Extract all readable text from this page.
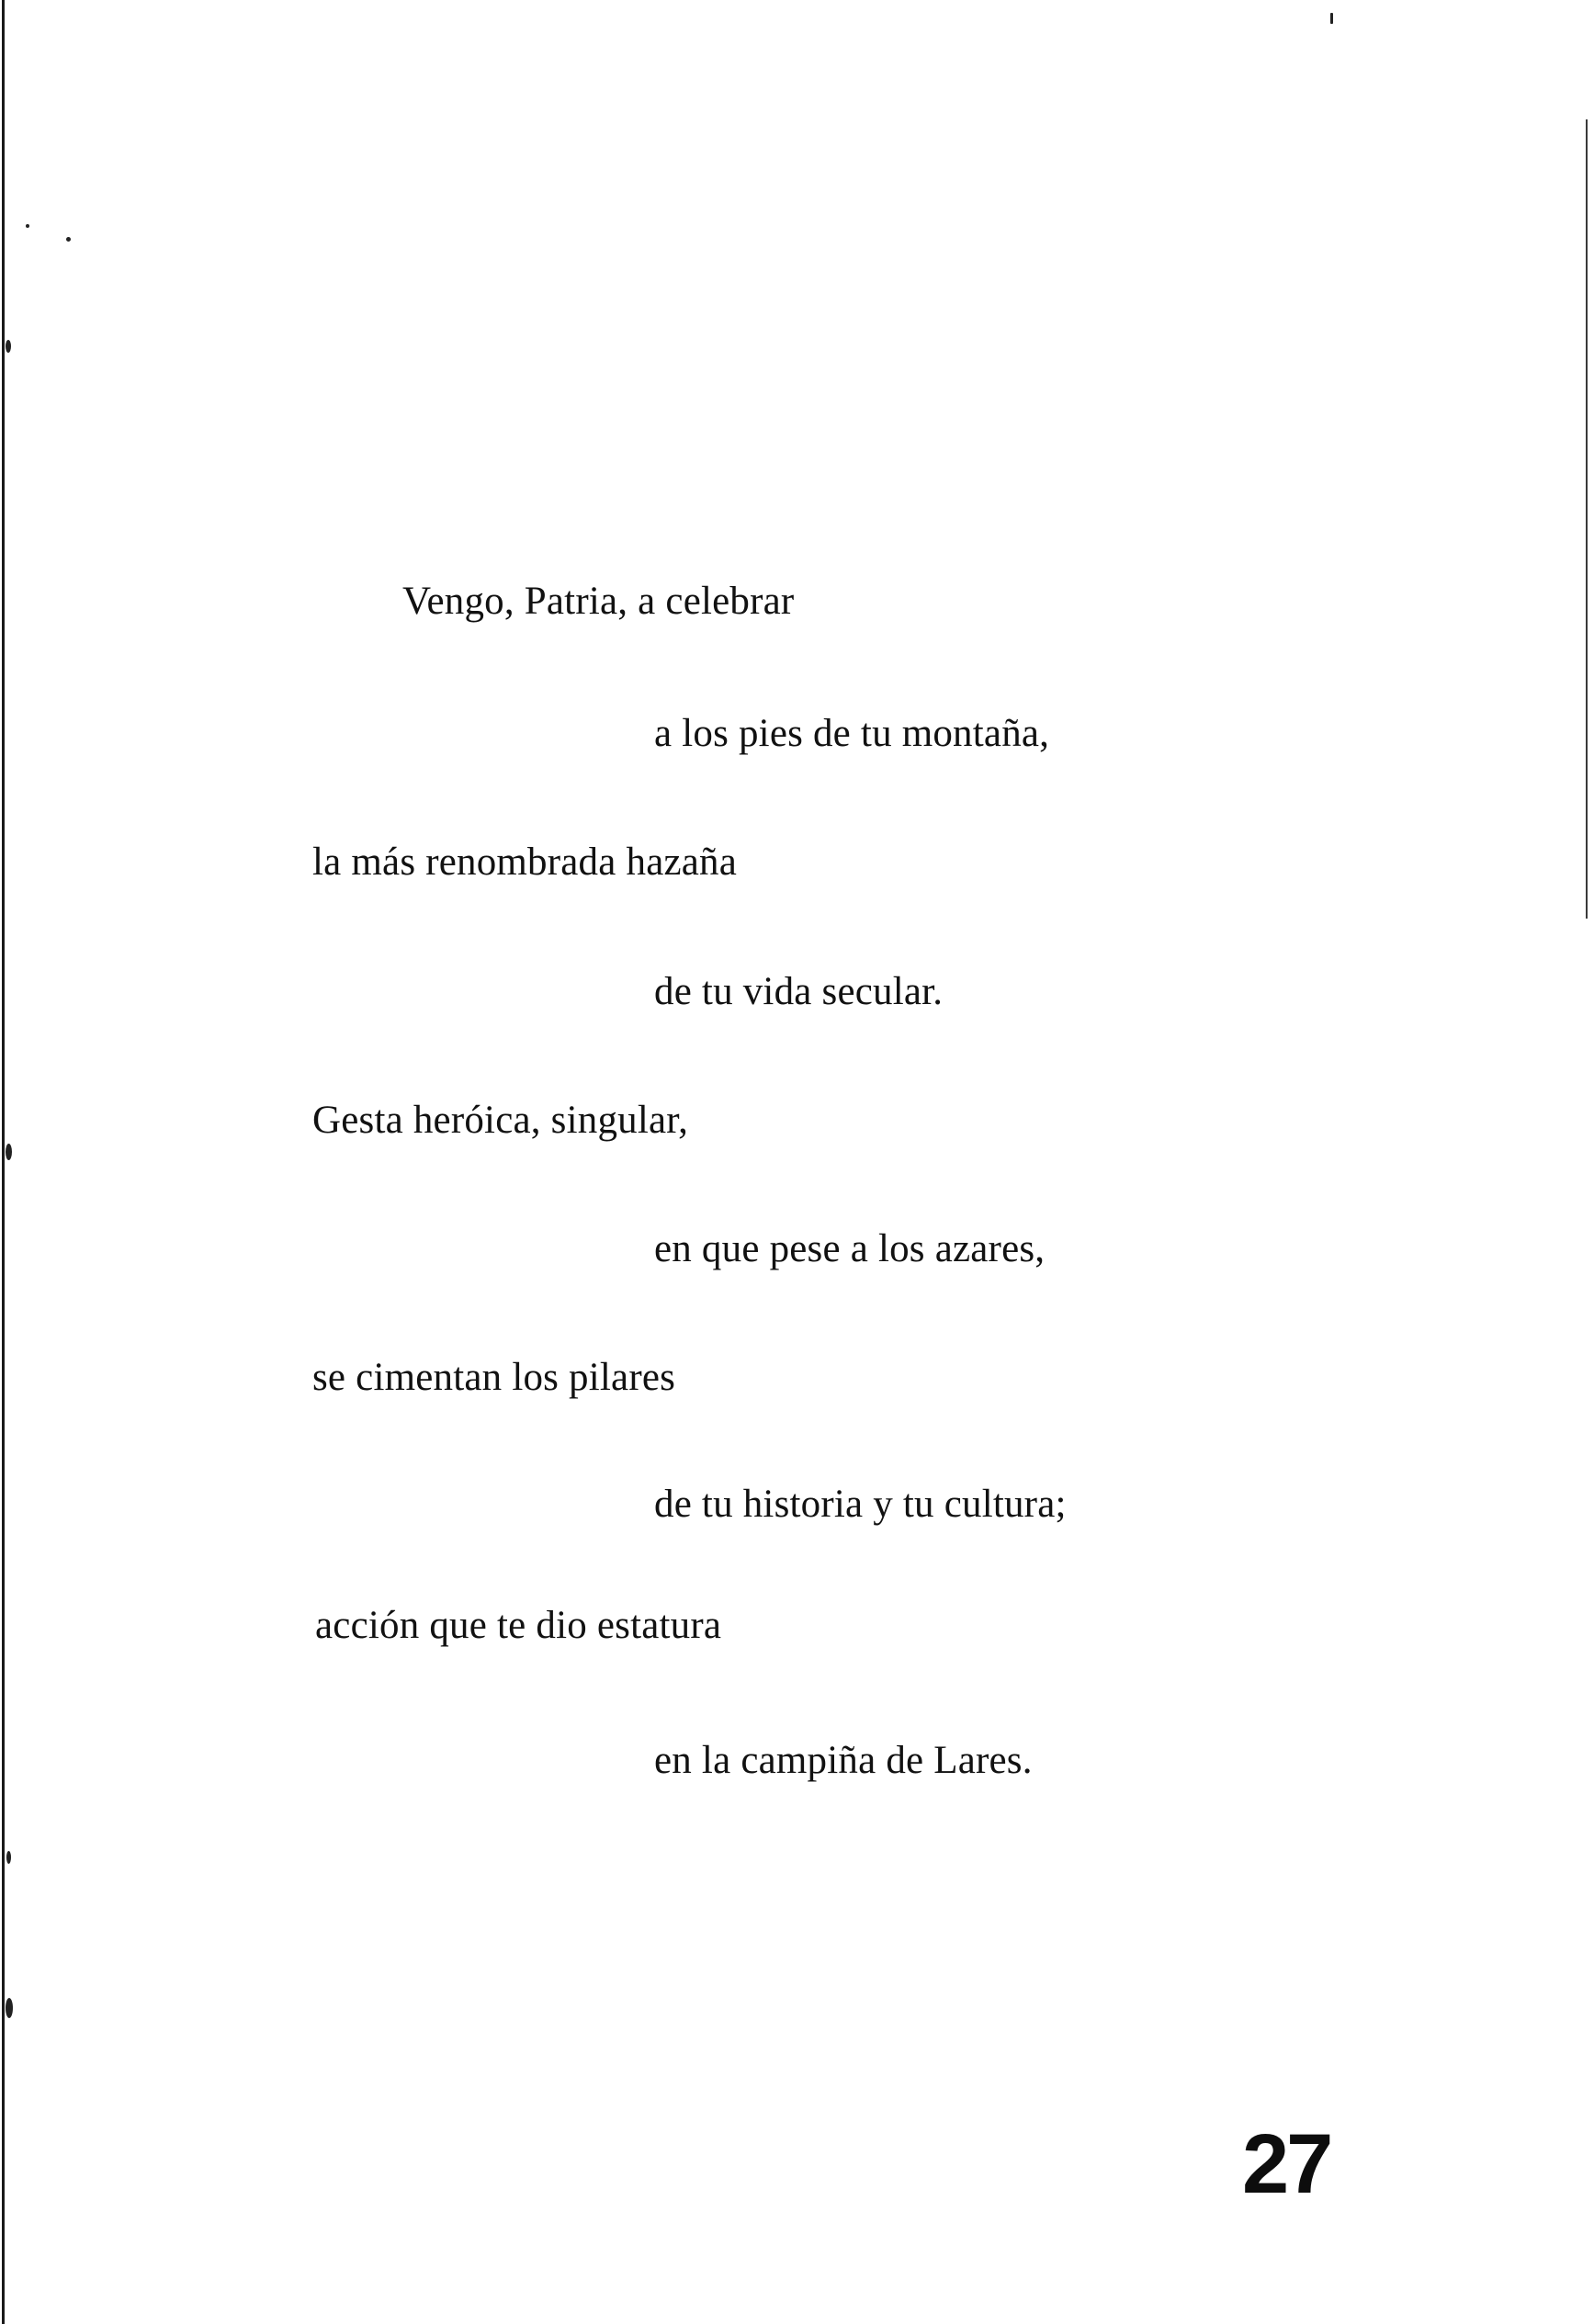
Vengo, Patria, a celebrar
a los pies de tu montaña,
la más renombrada hazaña
de tu vida secular.
Gesta heróica, singular,
en que pese a los azares,
se cimentan los pilares
de tu historia y tu cultura;
acción que te dio estatura
en la campiña de Lares.
27
